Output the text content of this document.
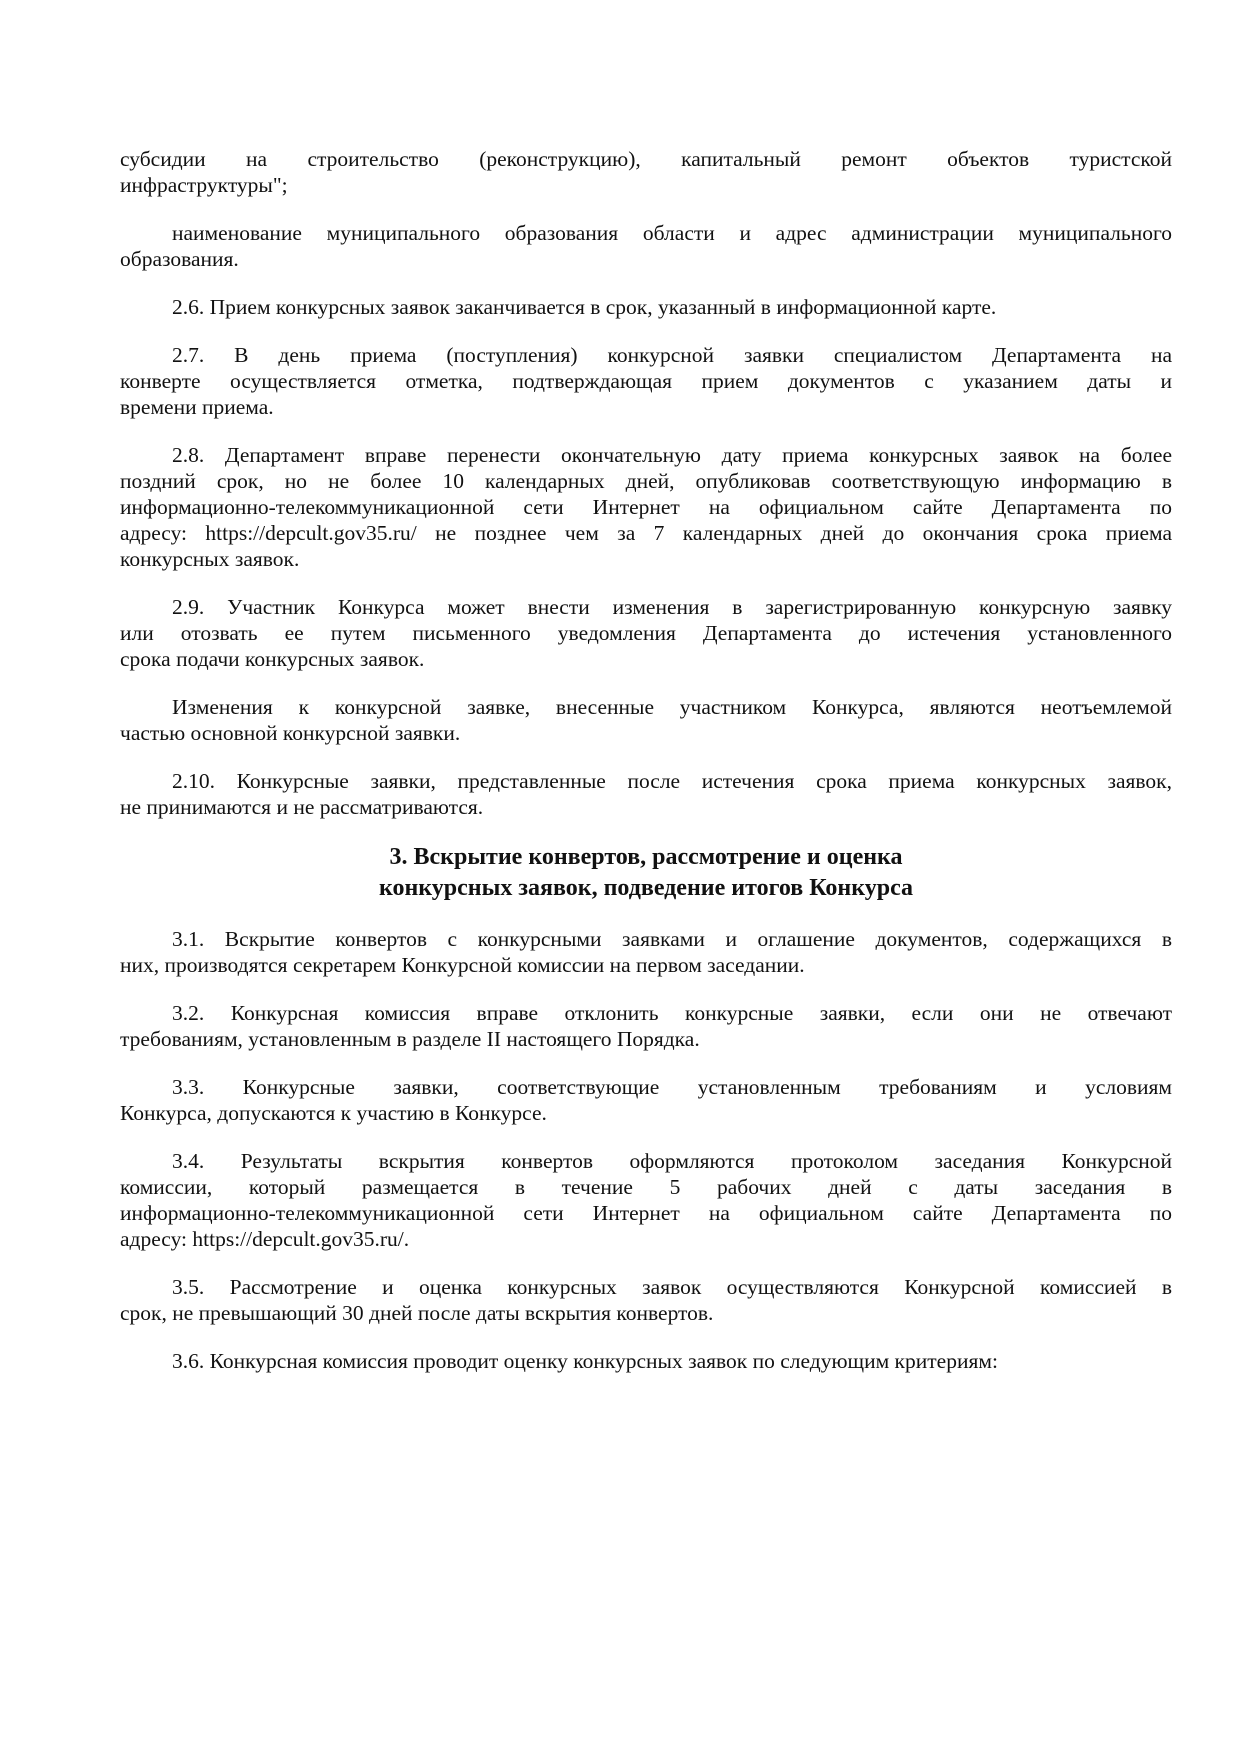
субсидии на строительство (реконструкцию), капитальный ремонт объектов туристской
инфраструктуры";
наименование муниципального образования области и адрес администрации муниципального
образования.
2.6. Прием конкурсных заявок заканчивается в срок, указанный в информационной карте.
2.7. В день приема (поступления) конкурсной заявки специалистом Департамента на
конверте осуществляется отметка, подтверждающая прием документов с указанием даты и
времени приема.
2.8. Департамент вправе перенести окончательную дату приема конкурсных заявок на более
поздний срок, но не более 10 календарных дней, опубликовав соответствующую информацию в
информационно-телекоммуникационной сети Интернет на официальном сайте Департамента по
адресу: https://depcult.gov35.ru/ не позднее чем за 7 календарных дней до окончания срока приема
конкурсных заявок.
2.9. Участник Конкурса может внести изменения в зарегистрированную конкурсную заявку
или отозвать ее путем письменного уведомления Департамента до истечения установленного
срока подачи конкурсных заявок.
Изменения к конкурсной заявке, внесенные участником Конкурса, являются неотъемлемой
частью основной конкурсной заявки.
2.10. Конкурсные заявки, представленные после истечения срока приема конкурсных заявок,
не принимаются и не рассматриваются.
3. Вскрытие конвертов, рассмотрение и оценка
конкурсных заявок, подведение итогов Конкурса
3.1. Вскрытие конвертов с конкурсными заявками и оглашение документов, содержащихся в
них, производятся секретарем Конкурсной комиссии на первом заседании.
3.2. Конкурсная комиссия вправе отклонить конкурсные заявки, если они не отвечают
требованиям, установленным в разделе II настоящего Порядка.
3.3. Конкурсные заявки, соответствующие установленным требованиям и условиям
Конкурса, допускаются к участию в Конкурсе.
3.4. Результаты вскрытия конвертов оформляются протоколом заседания Конкурсной
комиссии, который размещается в течение 5 рабочих дней с даты заседания в
информационно-телекоммуникационной сети Интернет на официальном сайте Департамента по
адресу: https://depcult.gov35.ru/.
3.5. Рассмотрение и оценка конкурсных заявок осуществляются Конкурсной комиссией в
срок, не превышающий 30 дней после даты вскрытия конвертов.
3.6. Конкурсная комиссия проводит оценку конкурсных заявок по следующим критериям:
